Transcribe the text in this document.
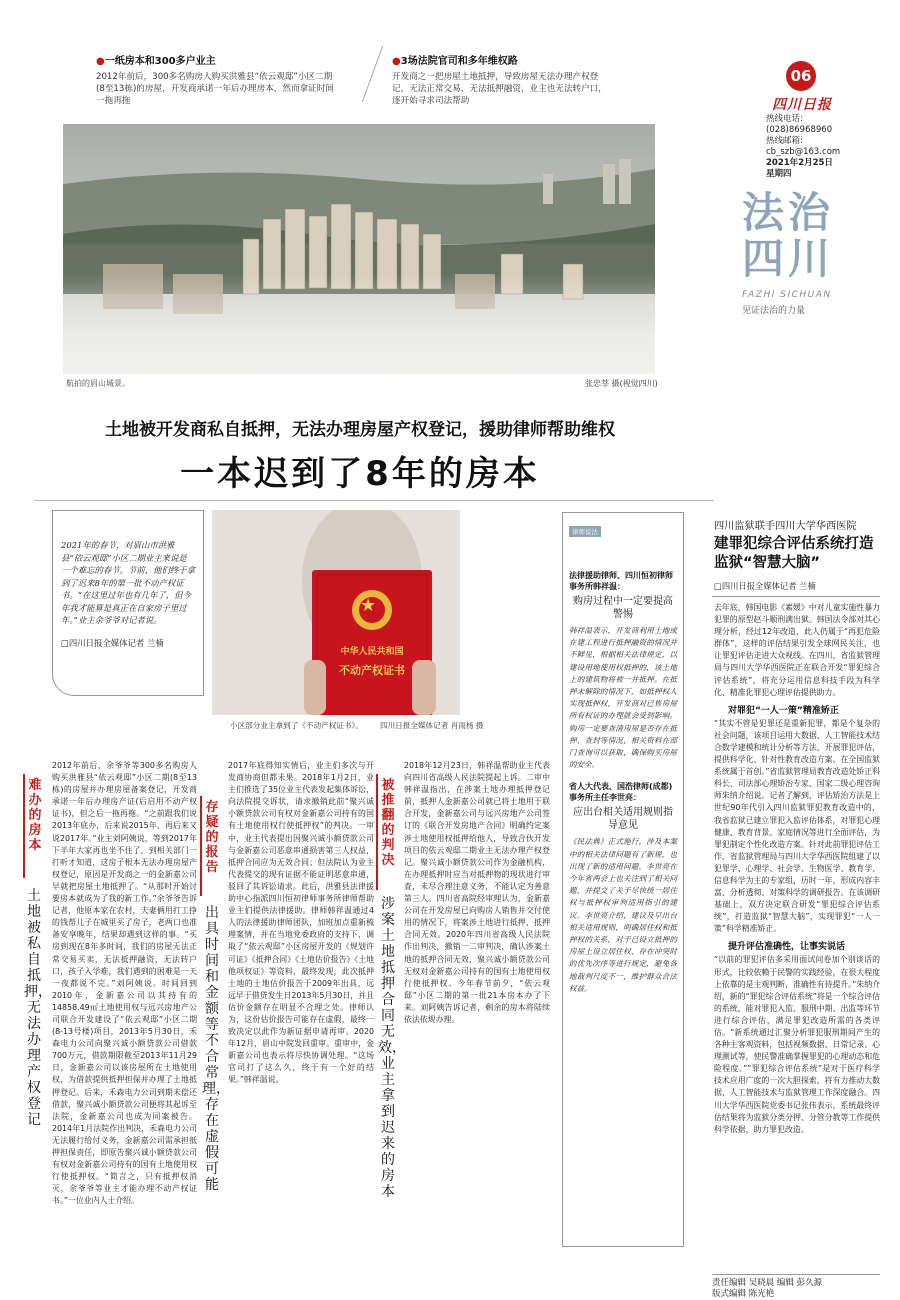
●一纸房本和300多户业主
2012年前后，300多名购房人购买洪雅县“依云观邸”小区二期(8至13栋)的房屋，开发商承诺一年后办理房本，然而拿证时间一拖再拖
●3场法院官司和多年维权路
开发商之一把房屋土地抵押，导致房屋无法办理产权登记，无法正常交易，无法抵押融资，业主也无法转户口，逐开始寻求司法帮助
06
四川日报
热线电话:
(028)86968960
热线邮箱:
cb_szb@163.com
2021年2月25日
星期四
航拍的眉山城景。	张忠莘 摄(视觉四川)
法治
四川
FAZHI SICHUAN
见证法治的力量
土地被开发商私自抵押，无法办理房屋产权登记，援助律师帮助维权
一本迟到了8年的房本
2021年的春节，对眉山市洪雅县“依云观邸”小区二期业主来说是一个难忘的春节。节前，他们终于拿到了迟来8年的第一批不动产权证书。“在这里过年也有几年了，但今年我才能算是真正在自家房子里过年。”业主余爷爷对记者说。
□四川日报全媒体记者 兰楠
★
中华人民共和国
不动产权证书
小区部分业主拿到了《不动产权证书》。 四川日报全媒体记者 肖雨杨 摄
难办的房本
土地被私自抵押，无法办理产权登记
2012年前后，余爷爷等300多名购房人购买洪雅县“依云观邸”小区二期(8至13栋)的房屋并办理房屋备案登记，开发商承诺一年后办理房产证(后启用不动产权证书)，但之后一拖再拖。“之前跟我们说2013年底办，后来说2015年，再后来又说2017年。”业主刘阿姨说，等到2017年下半年大家再也坐不住了，到相关部门一打听才知道，这房子根本无法办理房屋产权登记，原因是开发商之一的金新嘉公司早就把房屋土地抵押了。“从那时开始讨要房本就成为了我的新工作。”余爷爷告诉记者，他原本家在农村，夫妻俩用打工挣的钱帮儿子在城里买了房子，老两口也准备安享晚年，结果却遇到这样的事。“买房到现在8年多时间，我们的房屋无法正常交易买卖，无法抵押融资，无法转户口，孩子入学难，我们遇到的困难是一天一夜都说不完。”刘阿姨说。时间回到2010年，金新嘉公司以其持有的14858.49㎡土地使用权与远兴房地产公司联合开发建设了“依云观邸”小区二期(8-13号楼)项目，2013年5月30日，禾森电力公司向聚兴诚小额贷款公司借款700万元，借款期限截至2013年11月29日，金新嘉公司以该房屋所在土地使用权，为借款提供抵押担保并办理了土地抵押登记。后来，禾森电力公司到期未偿还借款，聚兴诚小额贷款公司便将其起诉至法院，金新嘉公司也成为同案被告。2014年1月法院作出判决，禾森电力公司无法履行给付义务，金新嘉公司需承担抵押担保责任，即原告聚兴诚小额贷款公司有权对金新嘉公司持有的国有土地使用权行使抵押权。“简言之，只有抵押权消灭，余爷爷等业主才能办理不动产权证书。”一位业内人士介绍。
存疑的报告
出具时间和金额等不合常理，存在虚假可能
2017年底得知实情后，业主们多次与开发商协商但都未果。2018年1月2日，业主们推选了35位业主代表发起集体诉讼，向法院提交诉状，请求撤销此前“聚兴诚小额贷款公司有权对金新嘉公司持有的国有土地使用权行使抵押权”的判决。一审中，业主代表提出因聚兴诚小额贷款公司与金新嘉公司恶意串通损害第三人权益，抵押合同应为无效合同；但法院认为业主代表提交的现有证据不能证明恶意串通，驳回了其诉讼请求。此后，洪雅县法律援助中心指派四川恒初律师事务所律师帮助业主们提供法律援助。律师韩祥温通过4人的法律援助律师团队，加班加点重新梳理案情，并在当地党委政府的支持下，调取了“依云观邸”小区房屋开发的《规划许可证》《抵押合同》《土地估价报告》《土地他项权证》等资料，最终发现，此次抵押土地的土地估价报告于2009年出具，远远早于借贷发生日2013年5月30日，并且估价金额存在明显不合理之处。律师认为，这份估价报告可能存在虚假，最终一致决定以此作为新证据申请再审。2020年12月，眉山中院发回重审。重审中，金新嘉公司也表示将尽快协调处理。“这场官司打了这么久，终于有一个好的结果。”韩祥温说。
被推翻的判决
涉案土地抵押合同无效，业主拿到迟来的房本
2018年12月23日，韩祥温帮助业主代表向四川省高级人民法院提起上诉。二审中韩祥温指出，在涉案土地办理抵押登记前，抵押人金新嘉公司就已将土地用于联合开发，金新嘉公司与远兴房地产公司签订的《联合开发房地产合同》明确约定案涉土地使用权抵押给他人，导致合伙开发项目的依云观邸二期业主无法办理产权登记。聚兴诚小额贷款公司作为金融机构，在办理抵押时应当对抵押物的现状进行审查，未尽合理注意义务，不能认定为善意第三人。四川省高院经审理认为，金新嘉公司在开发房屋已向购房人销售并交付使用的情况下，将案涉土地进行抵押，抵押合同无效。2020年四川省高级人民法院作出判决，撤销一二审判决，确认涉案土地的抵押合同无效，聚兴诚小额贷款公司无权对金新嘉公司持有的国有土地使用权行使抵押权。今年春节前夕，“依云观邸”小区二期的第一批21本房本办了下来。刘阿姨告诉记者，剩余的房本将陆续依法依规办理。
律师说法
法律援助律师、四川恒初律师事务所韩祥温：
购房过程中一定要提高警惕
韩祥温表示，开发商利用土地或在建工程进行抵押融资的情况并不鲜见，根据相关法律规定，以建设用地使用权抵押的，该土地上的建筑物将被一并抵押。在抵押未解除的情况下，如抵押权人实现抵押权，开发商对已售房屋所有权证的办理就会受到影响。购房一定要查清房屋是否存在抵押、查封等情况，相关资料在部门查询可以获取，确保购买房屋的安全。
省人大代表、国浩律师(成都)事务所主任李世亮：
应出台相关适用规则指导意见
《民法典》正式施行，涉及本案中的相关法律问题有了新规，也出现了新的适用问题。李世亮在今年省两会上也关注到了相关问题，并提交了关于尽快统一居住权与抵押权审判适用指引的建议。李世亮介绍，建议及早出台相关适用规则，明确居住权和抵押权的关系，对于已设立抵押的房屋上设立居住权、存在冲突时的优先次序等进行规定，避免各地裁判尺度不一，维护群众合法权益。
四川监狱联手四川大学华西医院
建罪犯综合评估系统打造监狱“智慧大脑”
□四川日报全媒体记者 兰楠
去年底，韩国电影《素媛》中对儿童实施性暴力犯罪的原型赵斗顺刑满出狱。韩国法令部对其心理分析，经过12年改造，此人仍属于“再犯危险群体”，这样的评估结果引发全球网民关注，也让罪犯评估走进大众视线。在四川，省监狱管理局与四川大学华西医院正在联合开发“罪犯综合评估系统”，将充分运用信息科技手段为科学化、精准化罪犯心理评估提供助力。
对罪犯“一人一策”精准矫正
“其实不管是犯罪还是重新犯罪，都是个复杂的社会问题，该项目运用大数据、人工智能技术结合数学建模和统计分析等方法，开展罪犯评估，提供科学化、针对性教育改造方案。在全国监狱系统属于首创。”省监狱管理局教育改造处矫正科科长、司法部心理矫治专家、国家二级心理咨询师朱纳介绍说。记者了解到，评估矫治方法是上世纪90年代引入四川监狱罪犯教育改造中的，我省监狱已建立罪犯入监评估体系，对罪犯心理健康、教育背景、家庭情况等进行全面评估，为罪犯制定个性化改造方案。针对此前罪犯评估工作，省监狱管理局与四川大学华西医院组建了以犯罪学、心理学、社会学、生物医学、教育学、信息科学为主的专家组，历时一年，形成内容丰富、分析透彻、对策科学的调研报告。在该调研基础上，双方决定联合研发“罪犯综合评估系统”，打造监狱“智慧大脑”，实现罪犯“一人一策”科学精准矫正。
提升评估准确性，让事实说话
“以前的罪犯评估多采用面试问卷加个别谈话的形式，比较依赖于民警的实践经验，在很大程度上依靠的是主观判断，准确性有待提升。”朱纳介绍，新的“罪犯综合评估系统”将是一个综合评估的系统，能对罪犯入监、服刑中期、出监等环节进行综合评估，满足罪犯改造所需的各类评估。“新系统通过汇聚分析罪犯服刑期间产生的各种主客观资料，包括视频数据、日常记录、心理测试等，使民警准确掌握罪犯的心理动态和危险程度。”“罪犯综合评估系统”是对于医疗科学技术应用广度的一次大胆探索，将有力推动大数据、人工智能技术与监狱管理工作深度融合。四川大学华西医院党委书记张伟表示，系统最终评估结果将为监狱分类分押、分管分教等工作提供科学依据，助力罪犯改造。
责任编辑 吴晓晨 编辑 彭久源
版式编辑 陈光艳
